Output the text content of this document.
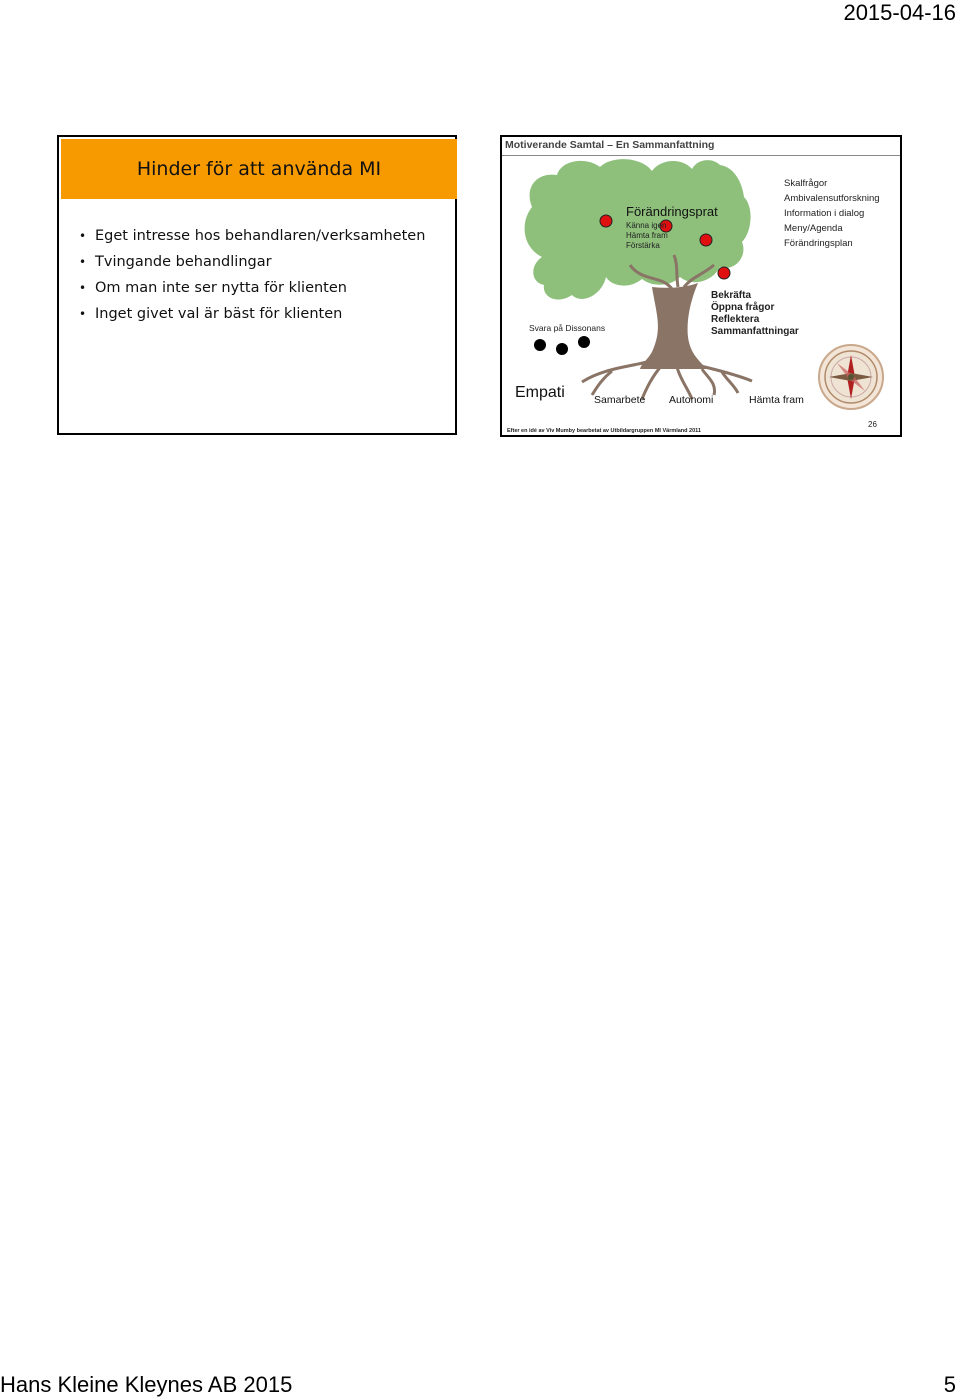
2015-04-16
Hinder för att använda MI
• Eget intresse hos behandlaren/verksamheten
• Tvingande behandlingar
• Om man inte ser nytta för klienten
• Inget givet val är bäst för klienten
Motiverande Samtal – En Sammanfattning
Förändringsprat
Känna igen
Hämta fram
Förstärka
Skalfrågor
Ambivalensutforskning
Information i dialog
Meny/Agenda
Förändringsplan
Bekräfta
Öppna frågor
Reflektera
Sammanfattningar
Svara på Dissonans
Empati	Samarbete Autonomi	Hämta fram
26
Efter en idé av Viv Mumby bearbetat av Utbildargruppen MI Värmland 2011
Hans Kleine Kleynes AB 2015	5
